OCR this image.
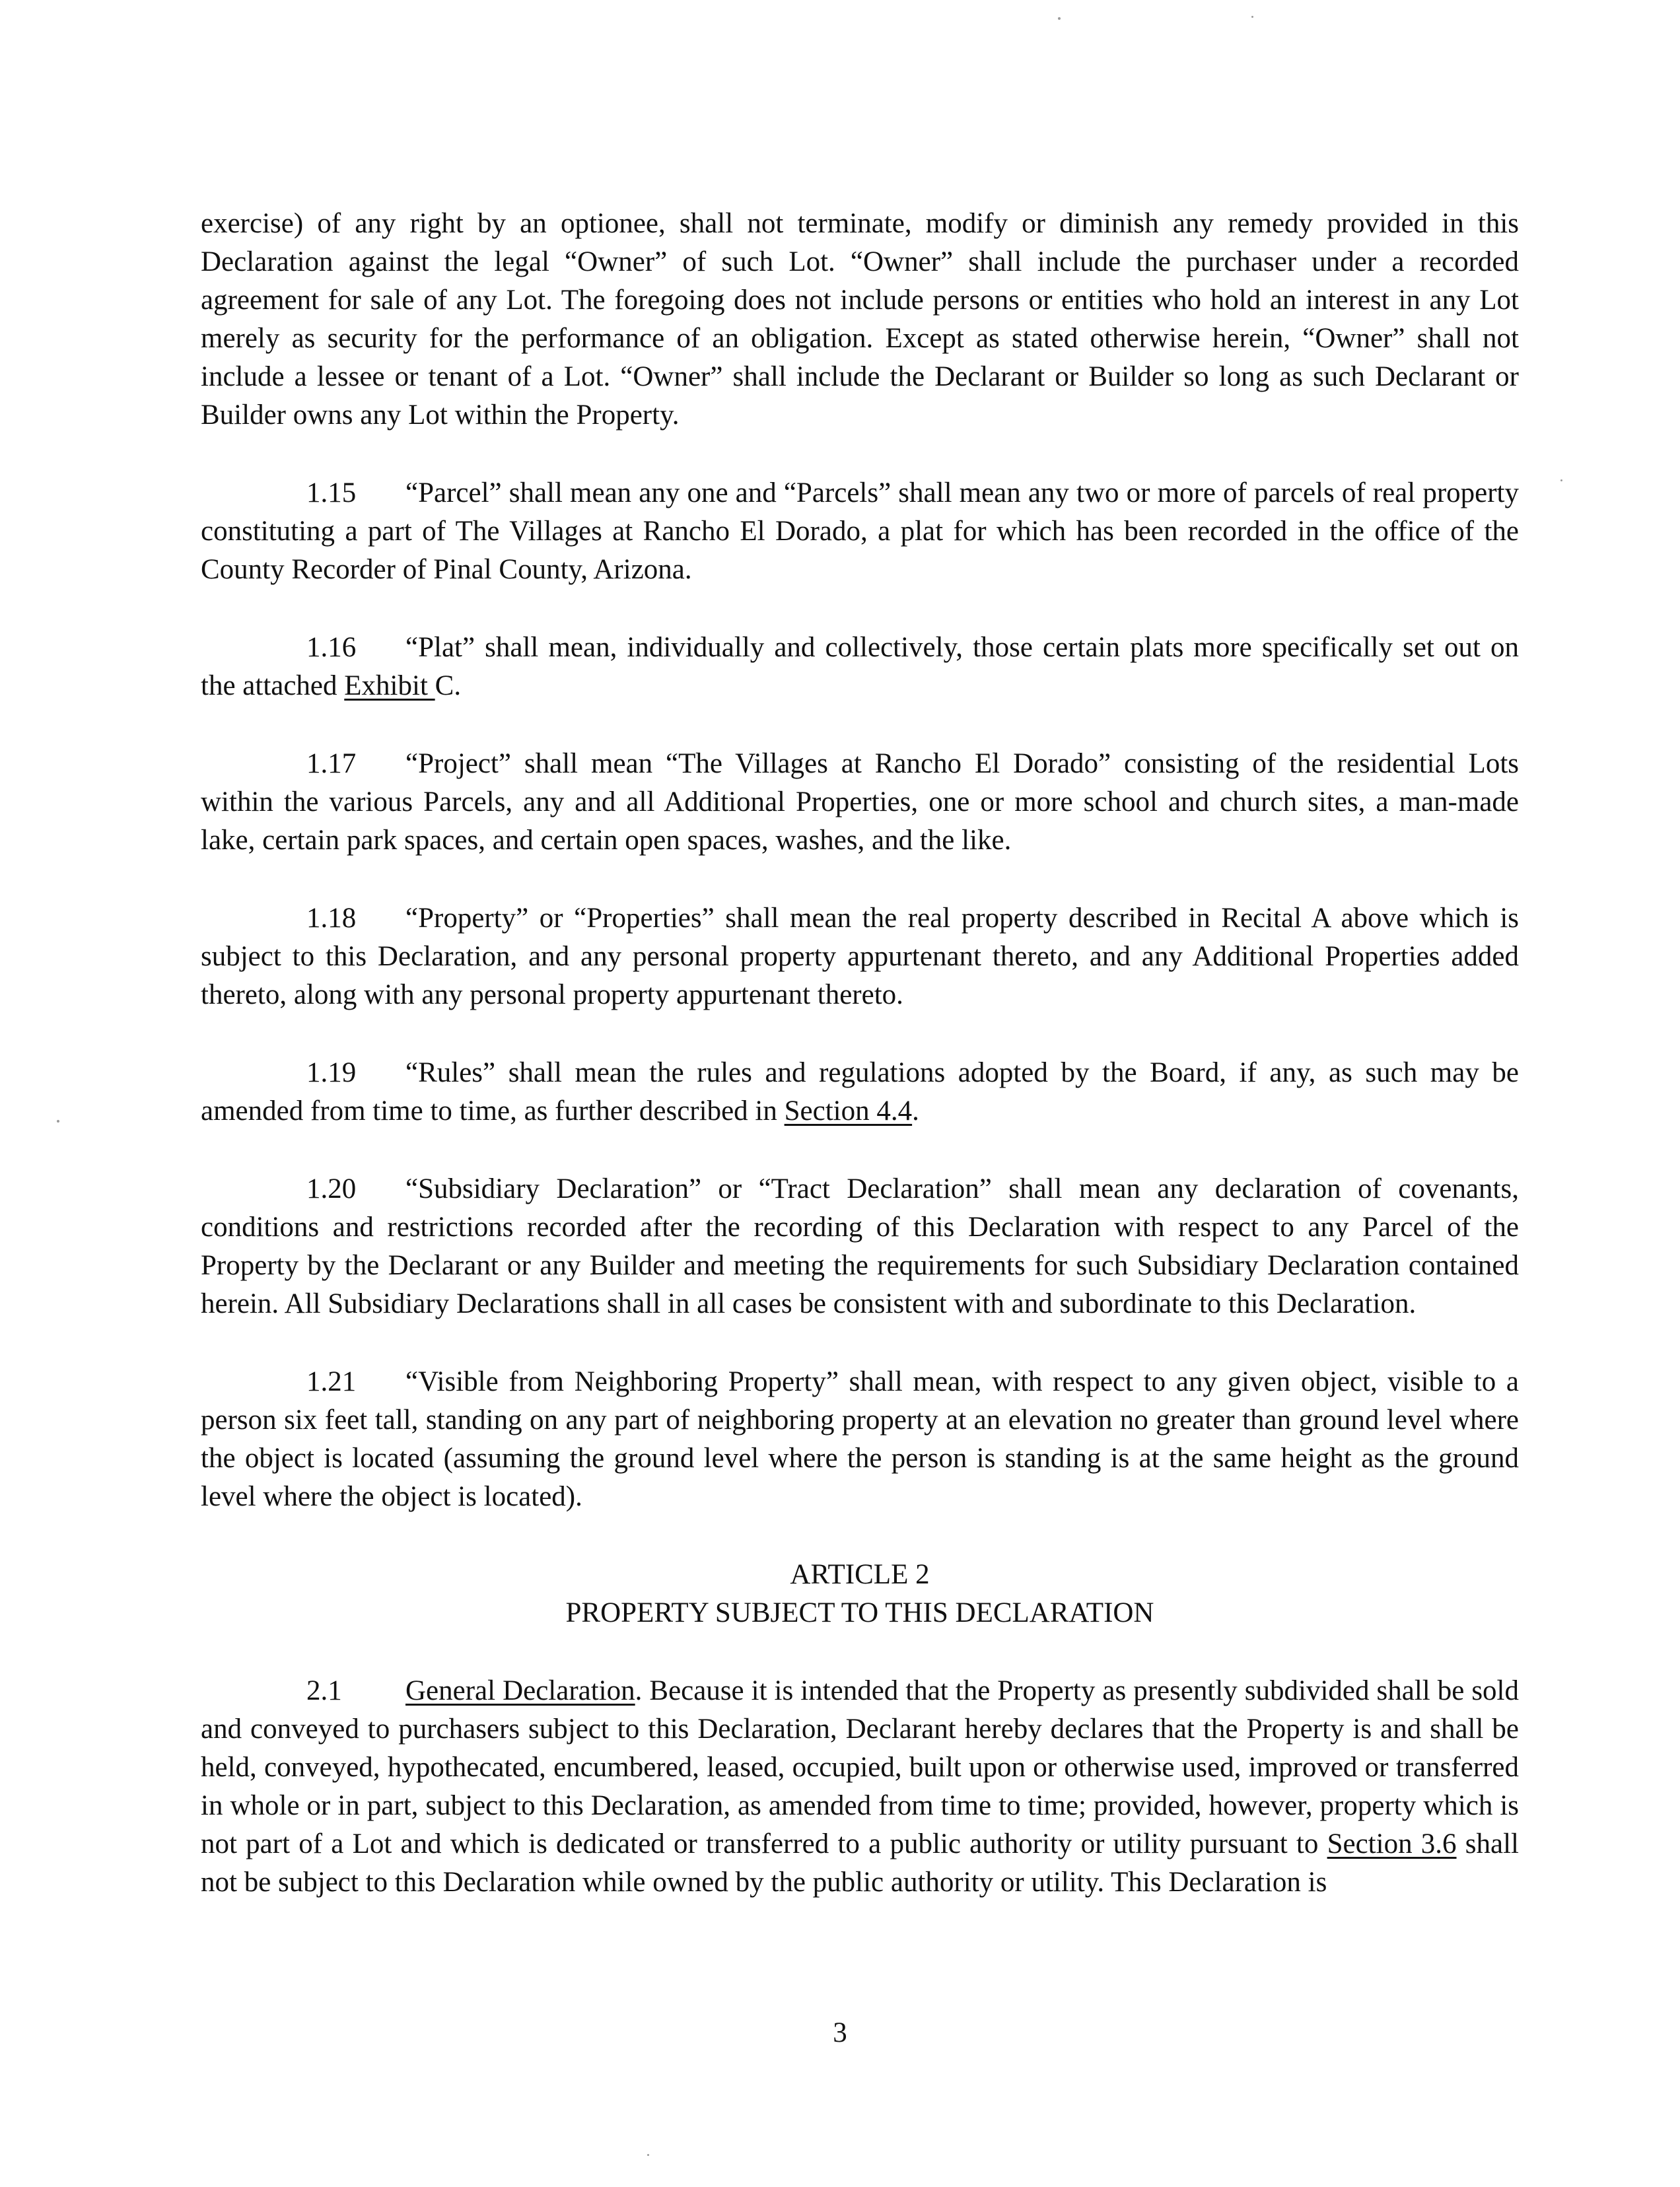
exercise) of any right by an optionee, shall not terminate, modify or diminish any remedy provided in this Declaration against the legal “Owner” of such Lot. “Owner” shall include the purchaser under a recorded agreement for sale of any Lot. The foregoing does not include persons or entities who hold an interest in any Lot merely as security for the performance of an obligation. Except as stated otherwise herein, “Owner” shall not include a lessee or tenant of a Lot. “Owner” shall include the Declarant or Builder so long as such Declarant or Builder owns any Lot within the Property.

1.15 “Parcel” shall mean any one and “Parcels” shall mean any two or more of parcels of real property constituting a part of The Villages at Rancho El Dorado, a plat for which has been recorded in the office of the County Recorder of Pinal County, Arizona.

1.16 “Plat” shall mean, individually and collectively, those certain plats more specifically set out on the attached Exhibit C.

1.17 “Project” shall mean “The Villages at Rancho El Dorado” consisting of the residential Lots within the various Parcels, any and all Additional Properties, one or more school and church sites, a man-made lake, certain park spaces, and certain open spaces, washes, and the like.

1.18 “Property” or “Properties” shall mean the real property described in Recital A above which is subject to this Declaration, and any personal property appurtenant thereto, and any Additional Properties added thereto, along with any personal property appurtenant thereto.

1.19 “Rules” shall mean the rules and regulations adopted by the Board, if any, as such may be amended from time to time, as further described in Section 4.4.

1.20 “Subsidiary Declaration” or “Tract Declaration” shall mean any declaration of covenants, conditions and restrictions recorded after the recording of this Declaration with respect to any Parcel of the Property by the Declarant or any Builder and meeting the requirements for such Subsidiary Declaration contained herein. All Subsidiary Declarations shall in all cases be consistent with and subordinate to this Declaration.

1.21 “Visible from Neighboring Property” shall mean, with respect to any given object, visible to a person six feet tall, standing on any part of neighboring property at an elevation no greater than ground level where the object is located (assuming the ground level where the person is standing is at the same height as the ground level where the object is located).

ARTICLE 2
PROPERTY SUBJECT TO THIS DECLARATION

2.1 General Declaration. Because it is intended that the Property as presently subdivided shall be sold and conveyed to purchasers subject to this Declaration, Declarant hereby declares that the Property is and shall be held, conveyed, hypothecated, encumbered, leased, occupied, built upon or otherwise used, improved or transferred in whole or in part, subject to this Declaration, as amended from time to time; provided, however, property which is not part of a Lot and which is dedicated or transferred to a public authority or utility pursuant to Section 3.6 shall not be subject to this Declaration while owned by the public authority or utility. This Declaration is

3
